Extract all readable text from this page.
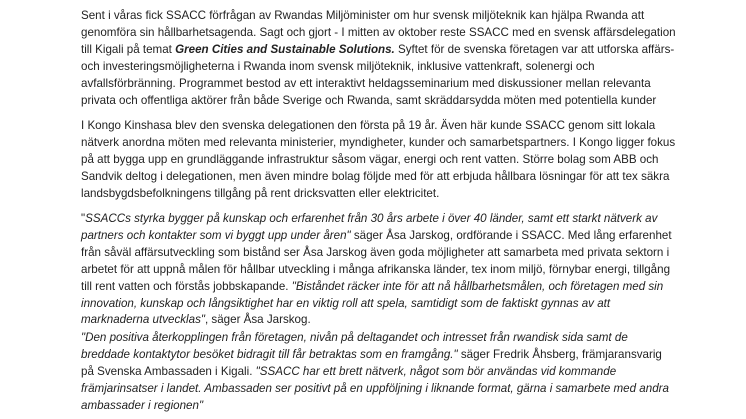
Sent i våras fick SSACC förfrågan av Rwandas Miljöminister om hur svensk miljöteknik kan hjälpa Rwanda att
genomföra sin hållbarhetsagenda. Sagt och gjort - I mitten av oktober reste SSACC med en svensk affärsdelegation
till Kigali på temat Green Cities and Sustainable Solutions. Syftet för de svenska företagen var att utforska affärs-
och investeringsmöjligheterna i Rwanda inom svensk miljöteknik, inklusive vattenkraft, solenergi och
avfallsförbränning. Programmet bestod av ett interaktivt heldagsseminarium med diskussioner mellan relevanta
privata och offentliga aktörer från både Sverige och Rwanda, samt skräddarsydda möten med potentiella kunder
I Kongo Kinshasa blev den svenska delegationen den första på 19 år. Även här kunde SSACC genom sitt lokala
nätverk anordna möten med relevanta ministerier, myndigheter, kunder och samarbetspartners. I Kongo ligger fokus
på att bygga upp en grundläggande infrastruktur såsom vägar, energi och rent vatten. Större bolag som ABB och
Sandvik deltog i delegationen, men även mindre bolag följde med för att erbjuda hållbara lösningar för att tex säkra
landsbygdsbefolkningens tillgång på rent dricksvatten eller elektricitet.
"SSACCs styrka bygger på kunskap och erfarenhet från 30 års arbete i över 40 länder, samt ett starkt nätverk av
partners och kontakter som vi byggt upp under åren" säger Åsa Jarskog, ordförande i SSACC. Med lång erfarenhet
från såväl affärsutveckling som bistånd ser Åsa Jarskog även goda möjligheter att samarbeta med privata sektorn i
arbetet för att uppnå målen för hållbar utveckling i många afrikanska länder, tex inom miljö, förnybar energi, tillgång
till rent vatten och förstås jobbskapande. "Biståndet räcker inte för att nå hållbarhetsmålen, och företagen med sin
innovation, kunskap och långsiktighet har en viktig roll att spela, samtidigt som de faktiskt gynnas av att
marknaderna utvecklas", säger Åsa Jarskog.
"Den positiva återkopplingen från företagen, nivån på deltagandet och intresset från rwandisk sida samt de
breddade kontaktytor besöket bidragit till får betraktas som en framgång." säger Fredrik Åhsberg, främjaransvarig
på Svenska Ambassaden i Kigali. "SSACC har ett brett nätverk, något som bör användas vid kommande
främjarinsatser i landet. Ambassaden ser positivt på en uppföljning i liknande format, gärna i samarbete med andra
ambassader i regionen"
